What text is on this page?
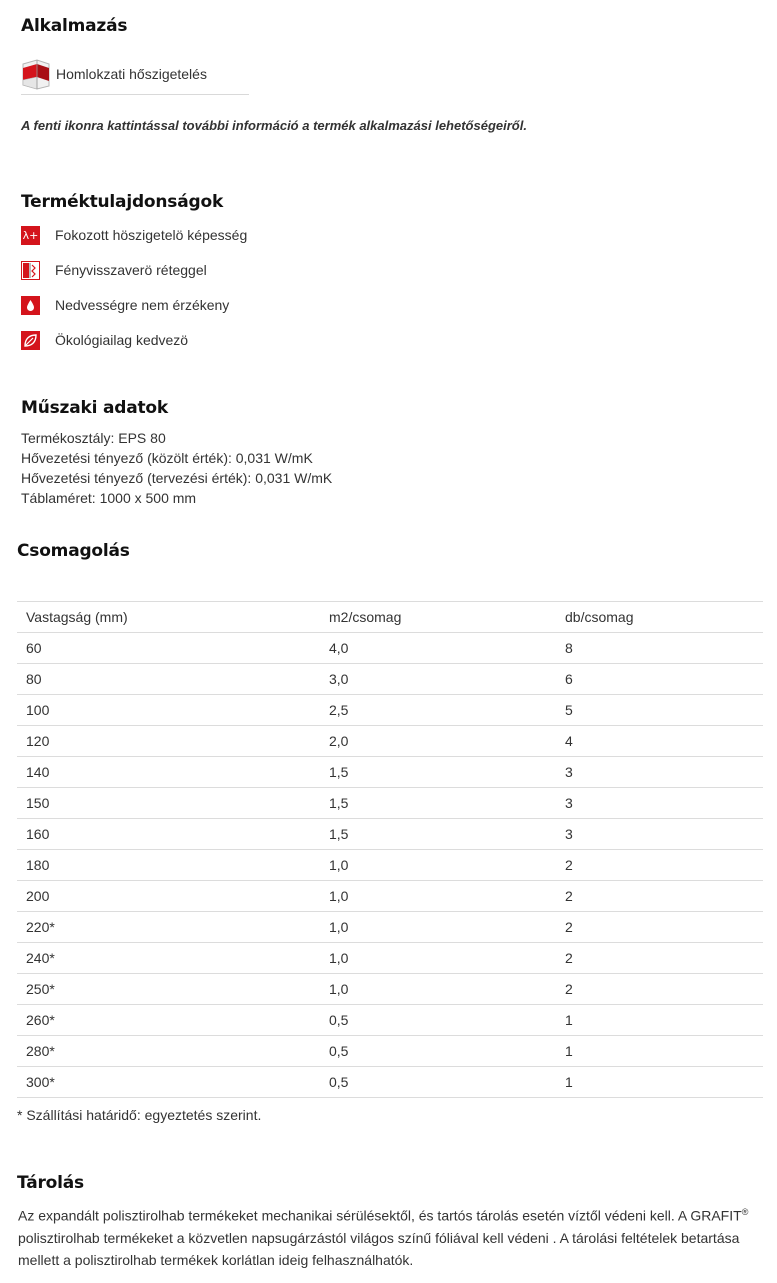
Alkalmazás
Homlokzati hőszigetelés
A fenti ikonra kattintással további információ a termék alkalmazási lehetőségeiről.
Terméktulajdonságok
λ+ Fokozott höszigetelö képesség
Fényvisszaverö réteggel
Nedvességre nem érzékeny
Ökológiailag kedvezö
Műszaki adatok
Termékosztály: EPS 80
Hővezetési tényező (közölt érték): 0,031 W/mK
Hővezetési tényező (tervezési érték): 0,031 W/mK
Táblaméret: 1000 x 500 mm
Csomagolás
Vastagság (mm)	m2/csomag	db/csomag
60	4,0	8
80	3,0	6
100	2,5	5
120	2,0	4
140	1,5	3
150	1,5	3
160	1,5	3
180	1,0	2
200	1,0	2
220*	1,0	2
240*	1,0	2
250*	1,0	2
260*	0,5	1
280*	0,5	1
300*	0,5	1
* Szállítási határidő: egyeztetés szerint.
Tárolás
Az expandált polisztirolhab termékeket mechanikai sérülésektől, és tartós tárolás esetén víztől védeni kell. A GRAFIT® polisztirolhab termékeket a közvetlen napsugárzástól világos színű fóliával kell védeni . A tárolási feltételek betartása mellett a polisztirolhab termékek korlátlan ideig felhasználhatók.
